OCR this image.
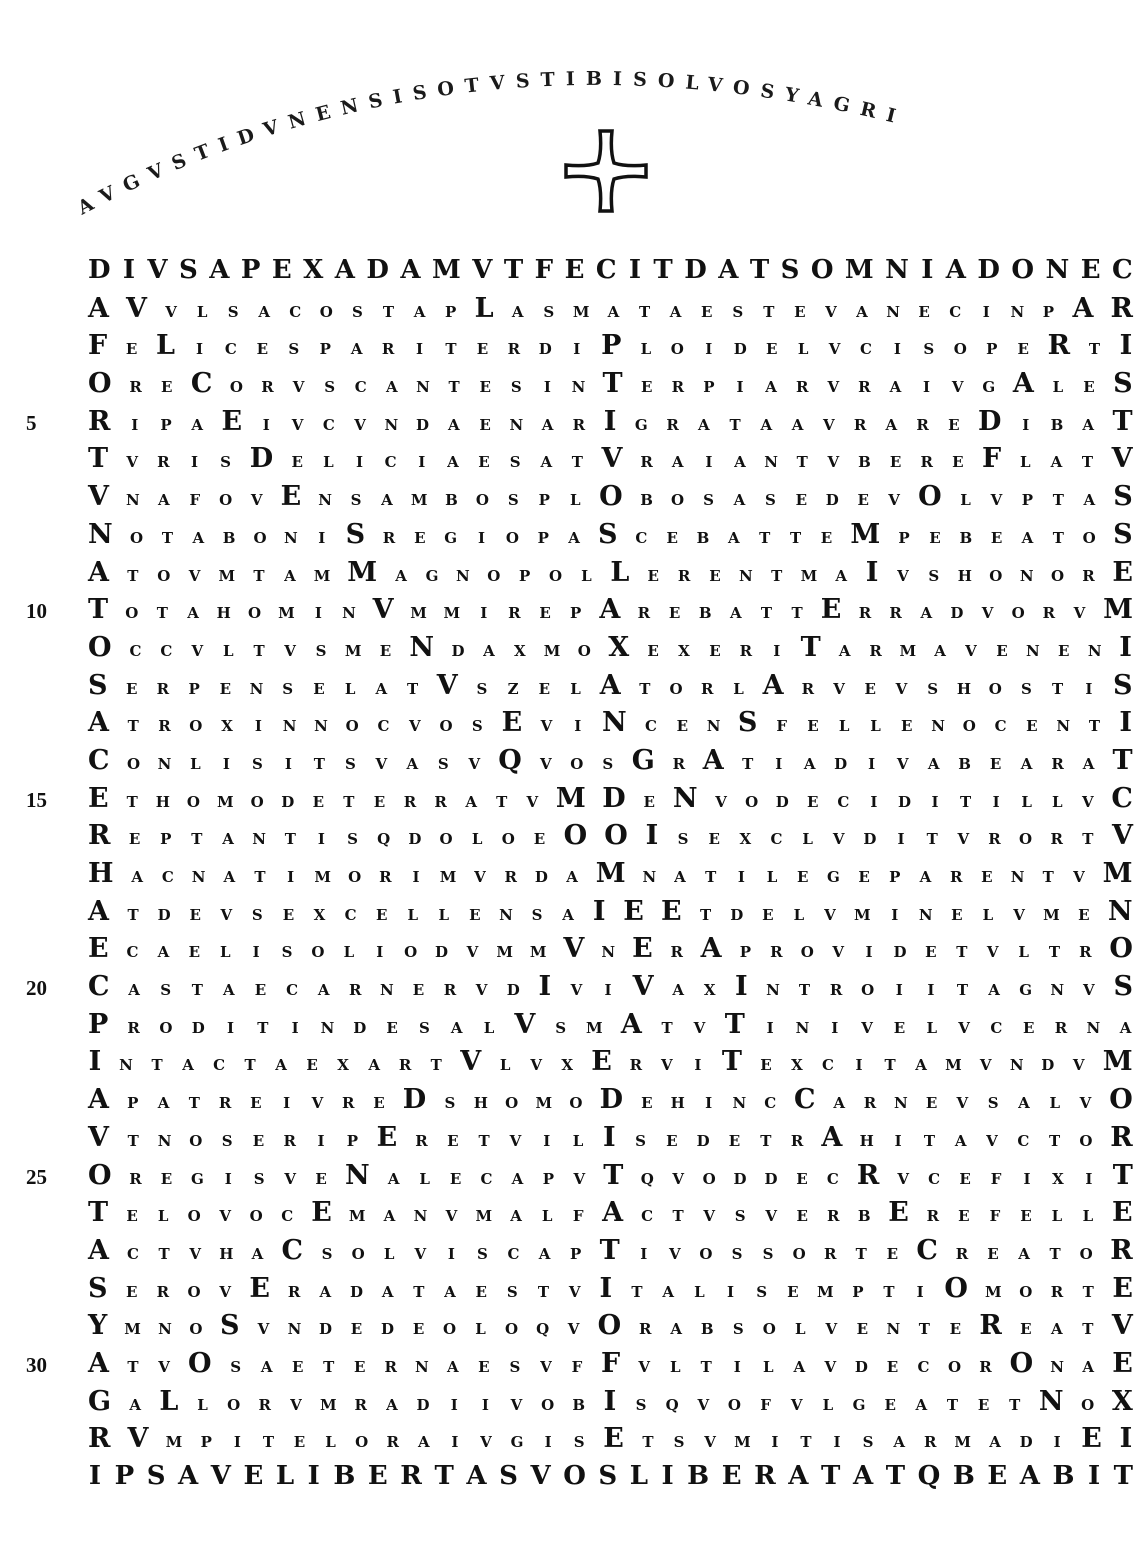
AVGVSTIDVNENSISOTVSTIBISOLVOSYAGRI
D I V S A P E X A D A M V T F E C I T D A T S O M N I A D O N E C
A V V L S A C O S T A P L A S M A T A E S T E V A N E C I N P A R
F E L I C E S P A R I T E R D I P L O I D E L V C I S O P E R T I
O R E C O R V S C A N T E S I N T E R P I A R V R A I V G A L E S
5	R I P A E I V C V N D A E N A R I G R A T A A V R A R E D I B A T
T V R I S D E L I C I A E S A T V R A I A N T V B E R E F L A T V
V N A F O V E N S A M B O S P L O B O S A S E D E V O L V P T A S
N O T A B O N I S R E G I O P A S C E B A T T E M P E B E A T O S
A T O V M T A M M A G N O P O L L E R E N T M A I V S H O N O R E
10	T O T A H O M I N V M M I R E P A R E B A T T E R R A D V O R V M
O C C V L T V S M E N D A X M O X E X E R I T A R M A V E N E N I
S E R P E N S E L A T V S Z E L A T O R L A R V E V S H O S T I S
A T R O X I N N O C V O S E V I N C E N S F E L L E N O C E N T I
C O N L I S I T S V A S V Q V O S G R A T I A D I V A B E A R A T
15	E T H O M O D E T E R R A T V M D E N V O D E C I D I T I L L V C
R E P T A N T I S Q D O L O E O O I S E X C L V D I T V R O R T V
H A C N A T I M O R I M V R D A M N A T I L E G E P A R E N T V M
A T D E V S E X C E L L E N S A I E E T D E L V M I N E L V M E N
E C A E L I S O L I O D V M M V N E R A P R O V I D E T V L T R O
20	C A S T A E C A R N E R V D I V I V A X I N T R O I I T A G N V S
P R O D I T I N D E S A L V S M A T V T I N I V E L V C E R N A
I N T A C T A E X A R T V L V X E R V I T E X C I T A M V N D V M
A P A T R E I V R E D S H O M O D E H I N C C A R N E V S A L V O
V T N O S E R I P E R E T V I L I S E D E T R A H I T A V C T O R
25	O R E G I S V E N A L E C A P V T Q V O D D E C R V C E F I X I T
T E L O V O C E M A N V M A L F A C T V S V E R B E R E F E L L E
A C T V H A C S O L V I S C A P T I V O S S O R T E C R E A T O R
S E R O V E R A D A T A E S T V I T A L I S E M P T I O M O R T E
Y M N O S V N D E D E O L O Q V O R A B S O L V E N T E R E A T V
30	A T V O S A E T E R N A E S V F F V L T I L A V D E C O R O N A E
G A L L O R V M R A D I I V O B I S Q V O F V L G E A T E T N O X
R V M P I T E L O R A I V G I S E T S V M I T I S A R M A D I E I
I P S A V E L I B E R T A S V O S L I B E R A T A T Q B E A B I T
